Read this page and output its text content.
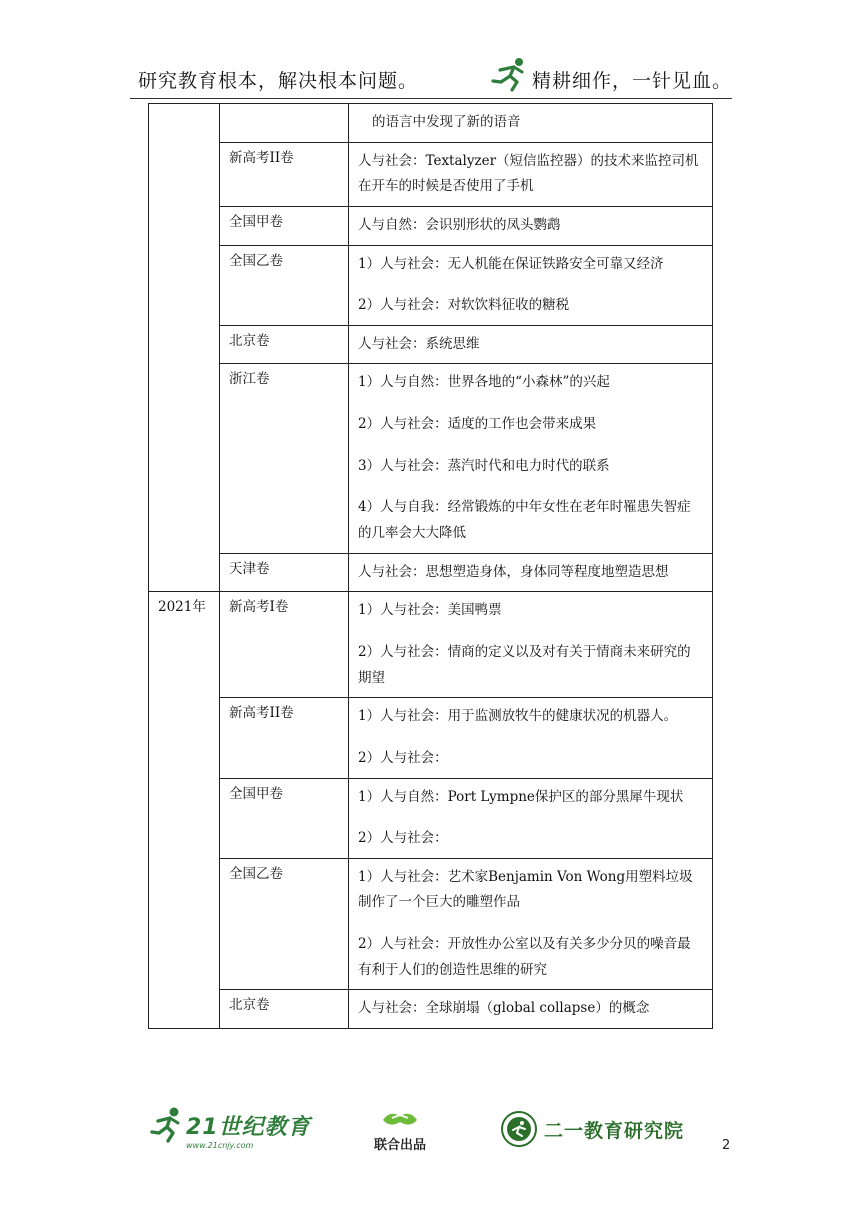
研究教育根本，解决根本问题。	精耕细作，一针见血。

		的语言中发现了新的语音

	新高考II卷	人与社会：Textalyzer（短信监控器）的技术来监控司机在开车的时候是否使用了手机

	全国甲卷	人与自然：会识别形状的凤头鹦鹉

	全国乙卷	1）人与社会：无人机能在保证铁路安全可靠又经济

2）人与社会：对软饮料征收的糖税

	北京卷	人与社会：系统思维

	浙江卷	1）人与自然：世界各地的“小森林”的兴起

2）人与社会：适度的工作也会带来成果

3）人与社会：蒸汽时代和电力时代的联系

4）人与自我：经常锻炼的中年女性在老年时罹患失智症的几率会大大降低

	天津卷	人与社会：思想塑造身体，身体同等程度地塑造思想

2021年	新高考I卷	1）人与社会：美国鸭票

2）人与社会：情商的定义以及对有关于情商未来研究的期望

	新高考II卷	1）人与社会：用于监测放牧牛的健康状况的机器人。

2）人与社会：

	全国甲卷	1）人与自然：Port Lympne保护区的部分黑犀牛现状

2）人与社会：

	全国乙卷	1）人与社会：艺术家Benjamin Von Wong用塑料垃圾制作了一个巨大的雕塑作品

2）人与社会：开放性办公室以及有关多少分贝的噪音最有利于人们的创造性思维的研究

	北京卷	人与社会：全球崩塌（global collapse）的概念

21世纪教育
www.21cnjy.com	联合出品
二一教育研究院
2
